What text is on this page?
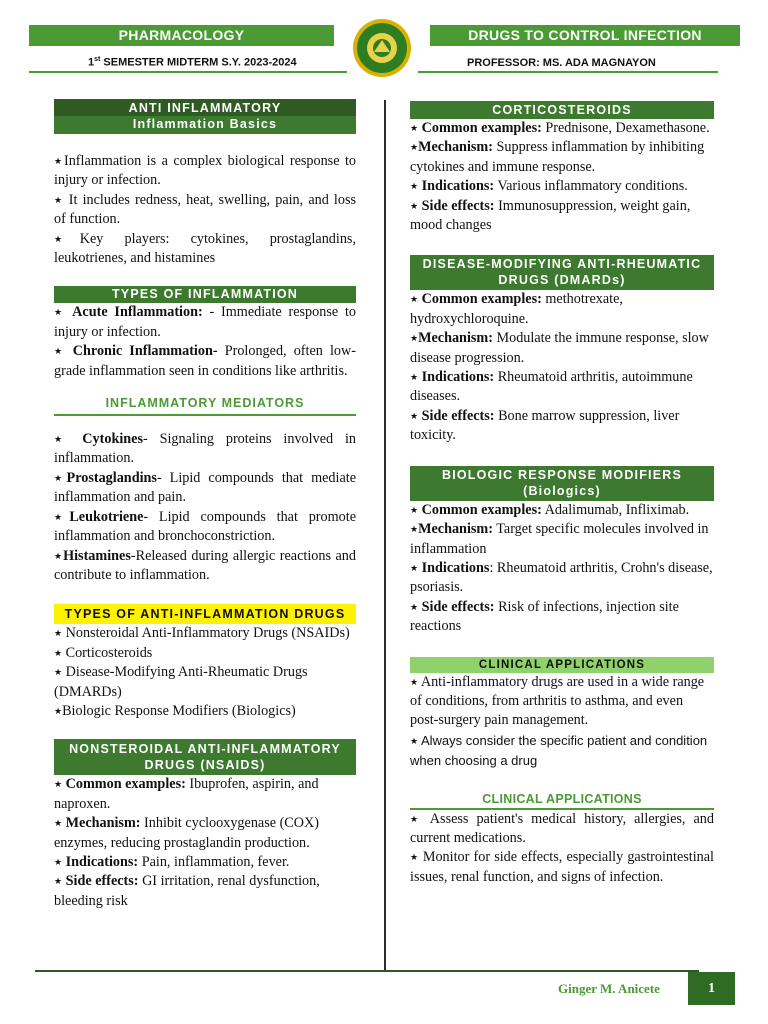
PHARMACOLOGY	DRUGS TO CONTROL INFECTION
1st SEMESTER MIDTERM S.Y. 2023-2024	PROFESSOR: MS. ADA MAGNAYON
ANTI INFLAMMATORY
Inflammation Basics

★Inflammation is a complex biological response to injury or infection.

★ It includes redness, heat, swelling, pain, and loss of function.

★Key players: cytokines, prostaglandins, leukotrienes, and histamines

TYPES OF INFLAMMATION

★ Acute Inflammation: - Immediate response to injury or infection.

★ Chronic Inflammation- Prolonged, often low-grade inflammation seen in conditions like arthritis.

INFLAMMATORY MEDIATORS

★ Cytokines- Signaling proteins involved in inflammation.

★Prostaglandins- Lipid compounds that mediate inflammation and pain.

★Leukotriene- Lipid compounds that promote inflammation and bronchoconstriction.

★Histamines-Released during allergic reactions and contribute to inflammation.

TYPES OF ANTI-INFLAMMATION DRUGS

★ Nonsteroidal Anti-Inflammatory Drugs (NSAIDs)

★ Corticosteroids

★ Disease-Modifying Anti-Rheumatic Drugs (DMARDs)

★Biologic Response Modifiers (Biologics)

NONSTEROIDAL ANTI-INFLAMMATORY DRUGS (NSAIDS)

★ Common examples: Ibuprofen, aspirin, and naproxen.

★ Mechanism: Inhibit cyclooxygenase (COX) enzymes, reducing prostaglandin production.

★ Indications: Pain, inflammation, fever.

★ Side effects: GI irritation, renal dysfunction, bleeding risk

CORTICOSTEROIDS

★ Common examples: Prednisone, Dexamethasone.

★Mechanism: Suppress inflammation by inhibiting cytokines and immune response.

★ Indications: Various inflammatory conditions.

★ Side effects: Immunosuppression, weight gain, mood changes

DISEASE-MODIFYING ANTI-RHEUMATIC DRUGS (DMARDs)

★ Common examples: methotrexate, hydroxychloroquine.

★Mechanism: Modulate the immune response, slow disease progression.

★ Indications: Rheumatoid arthritis, autoimmune diseases.

★ Side effects: Bone marrow suppression, liver toxicity.

BIOLOGIC RESPONSE MODIFIERS (Biologics)

★ Common examples: Adalimumab, Infliximab.

★Mechanism: Target specific molecules involved in inflammation

★ Indications: Rheumatoid arthritis, Crohn's disease, psoriasis.

★ Side effects: Risk of infections, injection site reactions

CLINICAL APPLICATIONS

★ Anti-inflammatory drugs are used in a wide range of conditions, from arthritis to asthma, and even post-surgery pain management.

★ Always consider the specific patient and condition when choosing a drug

CLINICAL APPLICATIONS

★ Assess patient's medical history, allergies, and current medications.

★ Monitor for side effects, especially gastrointestinal issues, renal function, and signs of infection.

Ginger M. Anicete	1
